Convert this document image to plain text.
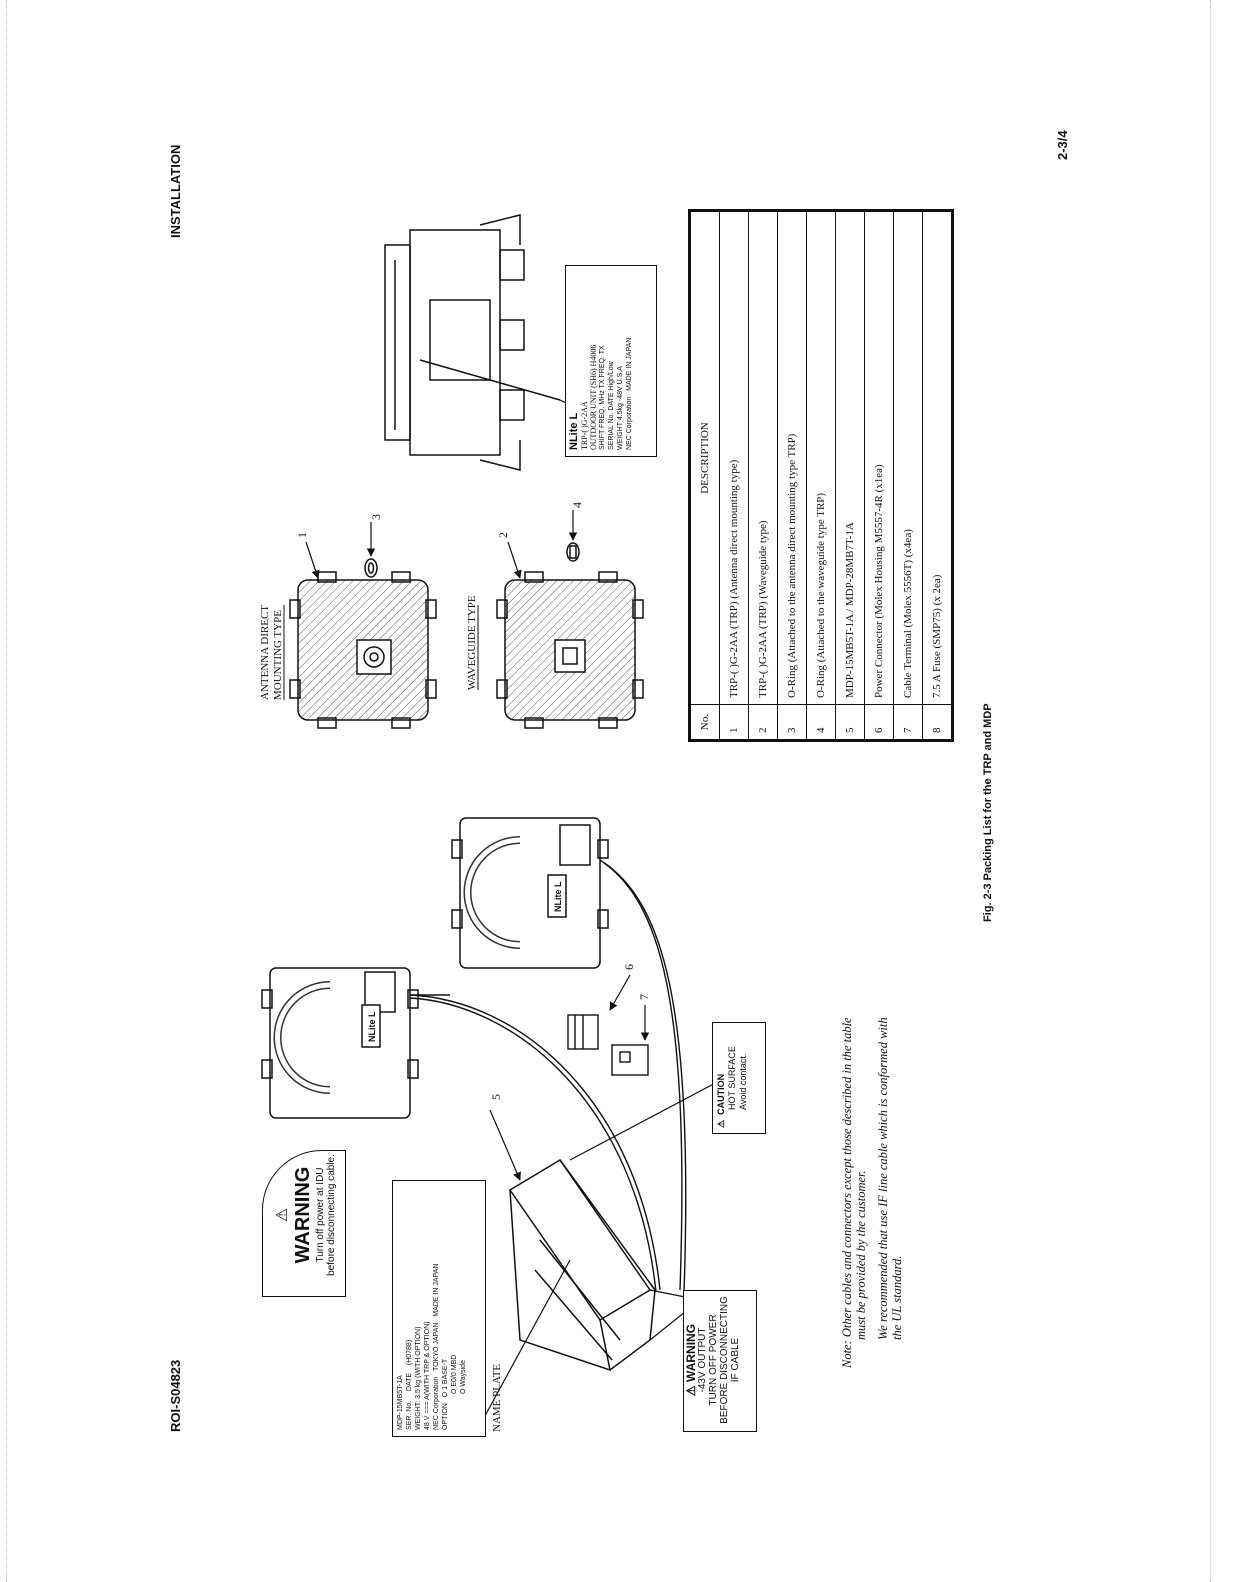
INSTALLATION
ROI-S04823
2-3/4
Fig. 2-3 Packing List for the TRP and MDP
Note: Other cables and connectors except those described in the table must be provided by the customer. We recommended that use IF line cable which is conformed with the UL standard.
No.	DESCRIPTION
1	TRP-( )G-2AA (TRP) (Antenna direct mounting type)
2	TRP-( )G-2AA (TRP) (Waveguide type)
3	O-Ring (Attached to the antenna direct mounting type TRP)
4	O-Ring (Attached to the waveguide type TRP)
5	MDP-15MB5T-1A / MDP-28MB7T-1A
6	Power Connector (Molex Housing M5557-4R (x1ea)
7	Cable Terminal (Molex 5556T) (x4ea)
8	7.5 A Fuse (SMP75) (x 2ea)
NLite L
NLite L
1	2
3
4
5
6
7
ANTENNA DIRECT MOUNTING TYPE	WAVEGUIDE TYPE
NAME PLATE
NLite L TRP-( )G-2AA OUTDOOR UNIT (SH6) H4006
SHIFT FREQ. MHz TX FREQ. TX
SERIAL No. DATE High/Low
WEIGHT 4.5kg -48V U.S.A
NEC Corporation   MADE IN JAPAN
⚠ WARNING Turn off power at IDU before disconnecting cable.
MDP-15MB5T-1A SER. No.     DATE    (H0788) WEIGHT: 3.5 kg (WITH OPTION) 48 V === A(WITH TRP & OPTION) NEC Corporation   TOKYO JAPAN   MADE IN JAPAN
OPTION   O 1 BASE-T O E0/0 MBD O Wayside	⚠ WARNING -43V OUTPUT TURN OFF POWER BEFORE DISCONNECTING IF CABLE
⚠  CAUTION HOT SURFACE Avoid contact.
